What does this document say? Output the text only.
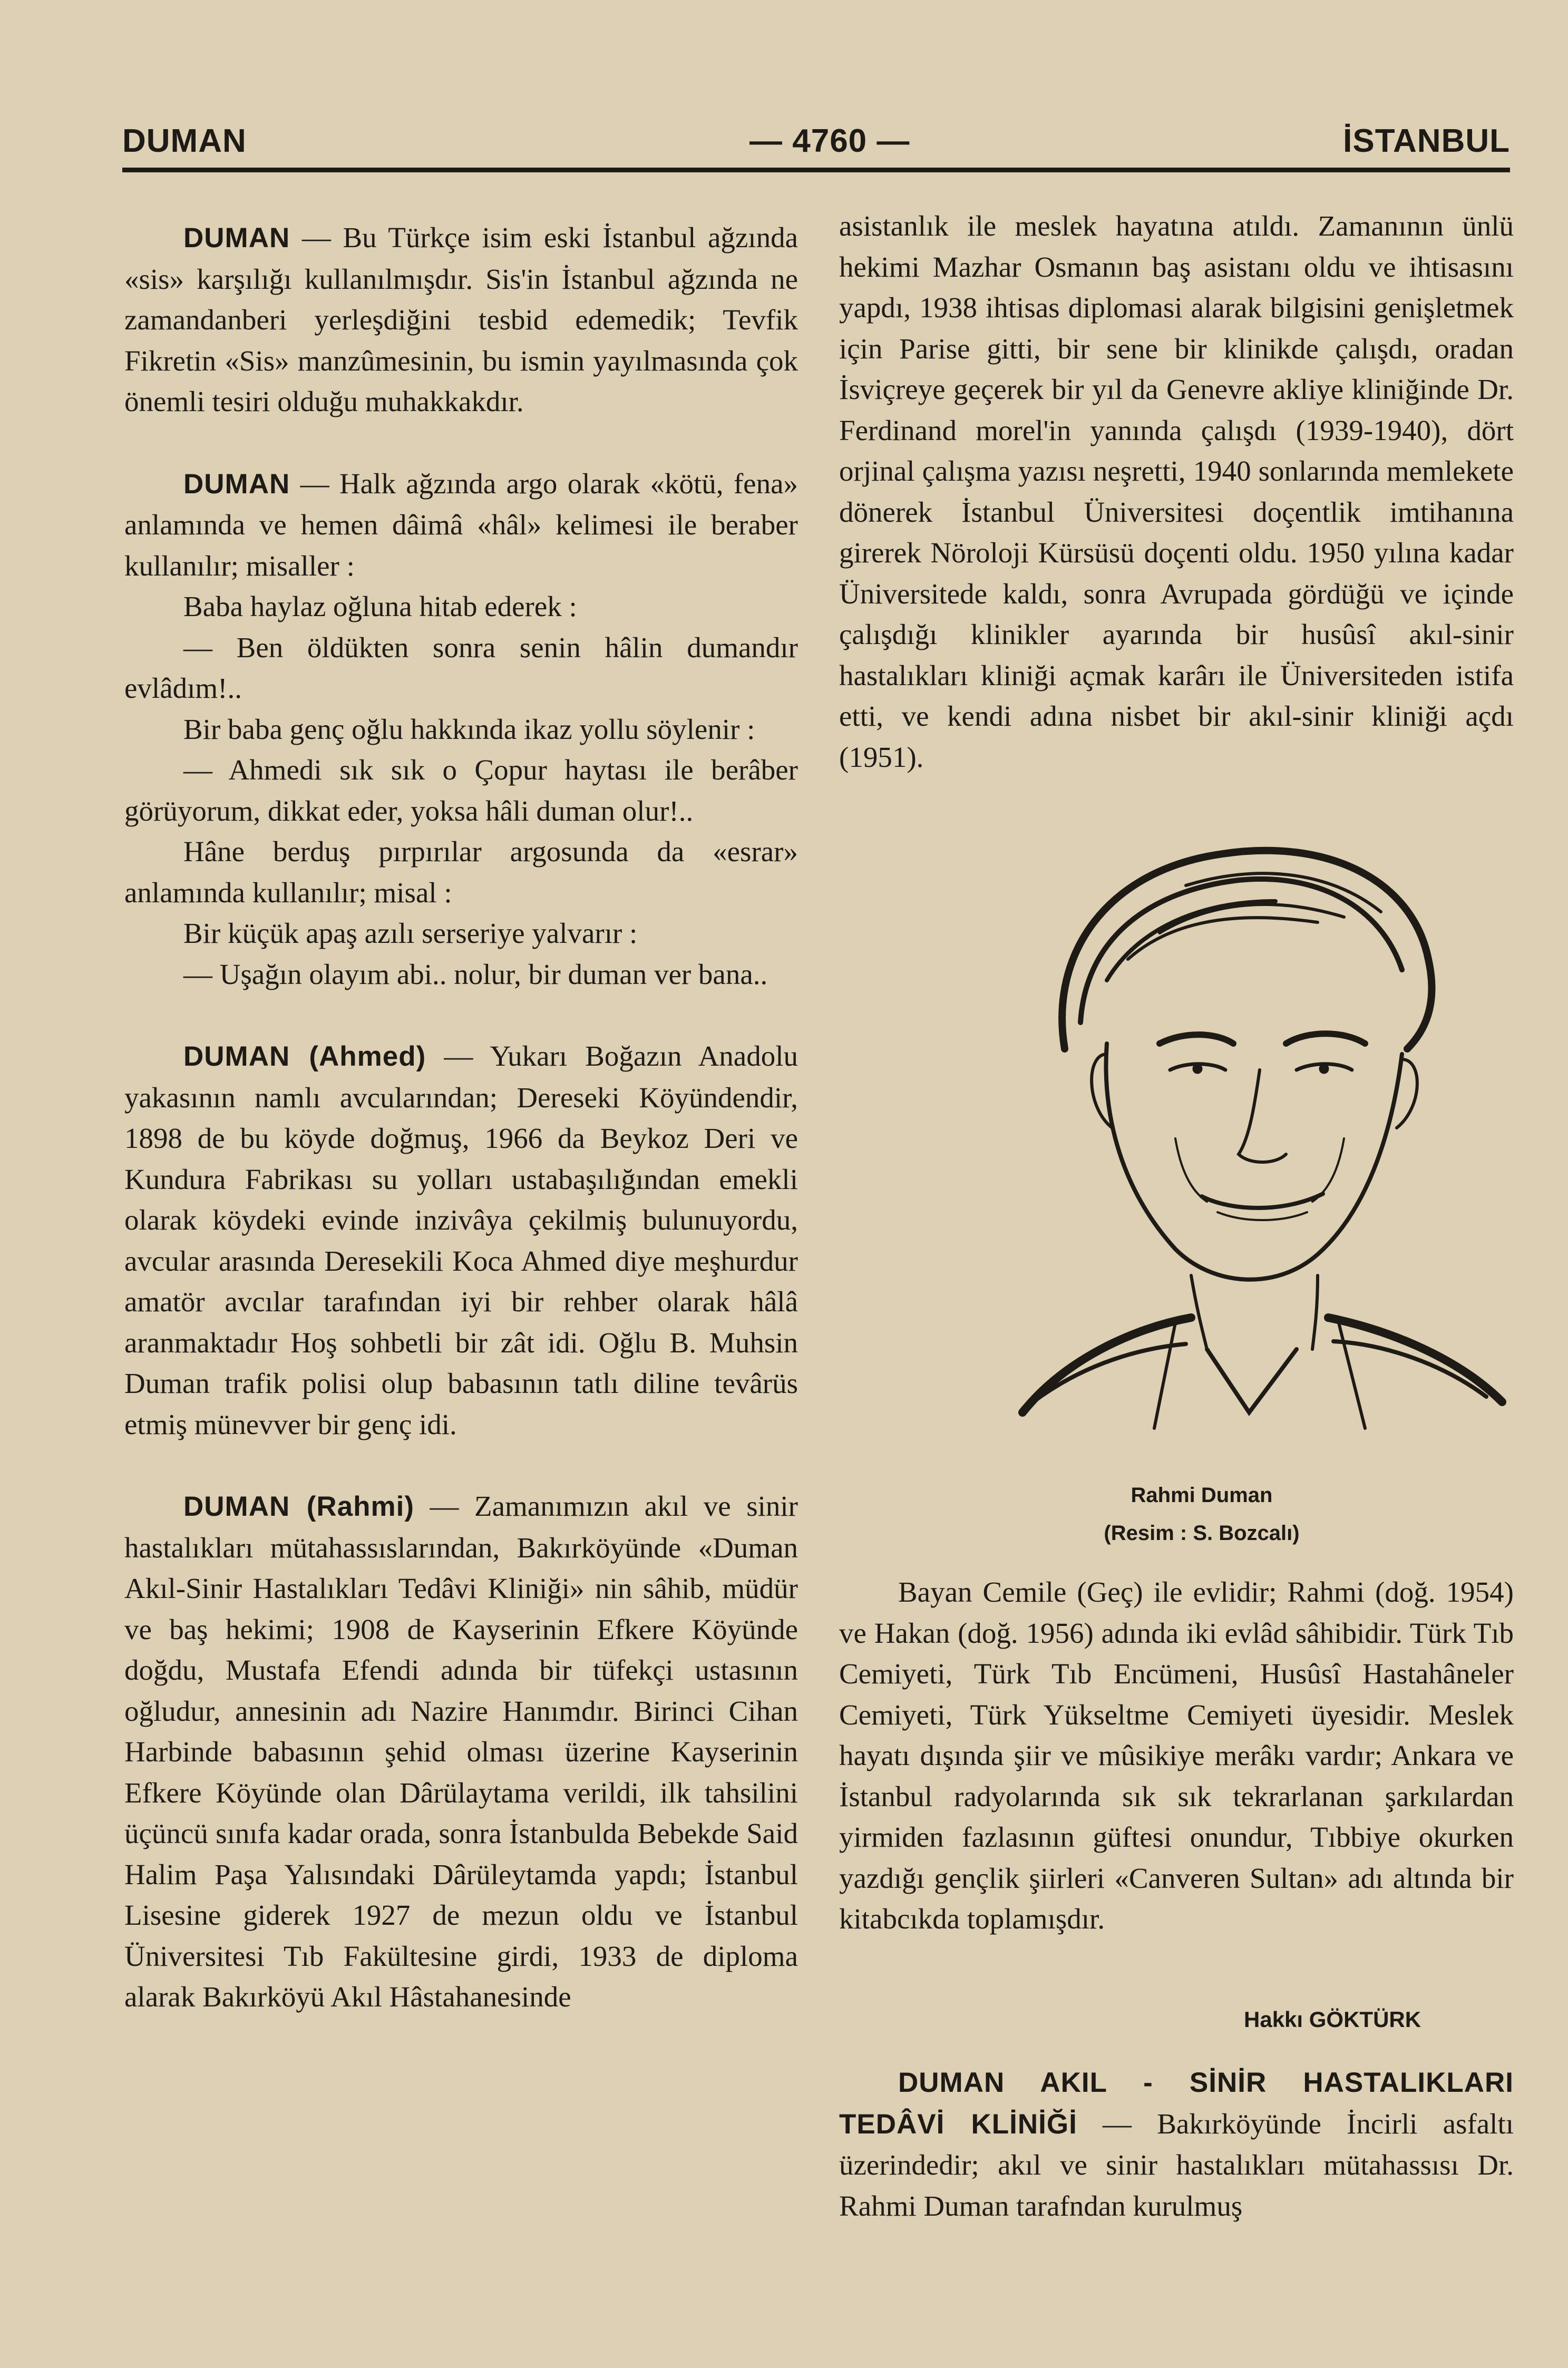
DUMAN	— 4760 —	İSTANBUL

DUMAN — Bu Türkçe isim eski İstanbul ağzında «sis» karşılığı kullanılmışdır. Sis'in İstanbul ağzında ne zamandanberi yerleşdiğini tesbid edemedik; Tevfik Fikretin «Sis» manzûmesinin, bu ismin yayılmasında çok önemli tesiri olduğu muhakkakdır.

DUMAN — Halk ağzında argo olarak «kötü, fena» anlamında ve hemen dâimâ «hâl» kelimesi ile beraber kullanılır; misaller :

Baba haylaz oğluna hitab ederek :

— Ben öldükten sonra senin hâlin dumandır evlâdım!..

Bir baba genç oğlu hakkında ikaz yollu söylenir :

— Ahmedi sık sık o Çopur haytası ile berâber görüyorum, dikkat eder, yoksa hâli duman olur!..

Hâne berduş pırpırılar argosunda da «esrar» anlamında kullanılır; misal :

Bir küçük apaş azılı serseriye yalvarır :

— Uşağın olayım abi.. nolur, bir duman ver bana..

DUMAN (Ahmed) — Yukarı Boğazın Anadolu yakasının namlı avcularından; Dereseki Köyündendir, 1898 de bu köyde doğmuş, 1966 da Beykoz Deri ve Kundura Fabrikası su yolları ustabaşılığından emekli olarak köydeki evinde inzivâya çekilmiş bulunuyordu, avcular arasında Deresekili Koca Ahmed diye meşhurdur amatör avcılar tarafından iyi bir rehber olarak hâlâ aranmaktadır Hoş sohbetli bir zât idi. Oğlu B. Muhsin Duman trafik polisi olup babasının tatlı diline tevârüs etmiş münevver bir genç idi.

DUMAN (Rahmi) — Zamanımızın akıl ve sinir hastalıkları mütahassıslarından, Bakırköyünde «Duman Akıl-Sinir Hastalıkları Tedâvi Kliniği» nin sâhib, müdür ve baş hekimi; 1908 de Kayserinin Efkere Köyünde doğdu, Mustafa Efendi adında bir tüfekçi ustasının oğludur, annesinin adı Nazire Hanımdır. Birinci Cihan Harbinde babasının şehid olması üzerine Kayserinin Efkere Köyünde olan Dârülaytama verildi, ilk tahsilini üçüncü sınıfa kadar orada, sonra İstanbulda Bebekde Said Halim Paşa Yalısındaki Dârüleytamda yapdı; İstanbul Lisesine giderek 1927 de mezun oldu ve İstanbul Üniversitesi Tıb Fakültesine girdi, 1933 de diploma alarak Bakırköyü Akıl Hâstahanesinde

asistanlık ile meslek hayatına atıldı. Zamanının ünlü hekimi Mazhar Osmanın baş asistanı oldu ve ihtisasını yapdı, 1938 ihtisas diplomasi alarak bilgisini genişletmek için Parise gitti, bir sene bir klinikde çalışdı, oradan İsviçreye geçerek bir yıl da Genevre akliye kliniğinde Dr. Ferdinand morel'in yanında çalışdı (1939-1940), dört orjinal çalışma yazısı neşretti, 1940 sonlarında memlekete dönerek İstanbul Üniversitesi doçentlik imtihanına girerek Nöroloji Kürsüsü doçenti oldu. 1950 yılına kadar Üniversitede kaldı, sonra Avrupada gördüğü ve içinde çalışdığı klinikler ayarında bir husûsî akıl-sinir hastalıkları kliniği açmak karârı ile Üniversiteden istifa etti, ve kendi adına nisbet bir akıl-sinir kliniği açdı (1951).

Rahmi Duman
(Resim : S. Bozcalı)

Bayan Cemile (Geç) ile evlidir; Rahmi (doğ. 1954) ve Hakan (doğ. 1956) adında iki evlâd sâhibidir. Türk Tıb Cemiyeti, Türk Tıb Encümeni, Husûsî Hastahâneler Cemiyeti, Türk Yükseltme Cemiyeti üyesidir. Meslek hayatı dışında şiir ve mûsikiye merâkı vardır; Ankara ve İstanbul radyolarında sık sık tekrarlanan şarkılardan yirmiden fazlasının güftesi onundur, Tıbbiye okurken yazdığı gençlik şiirleri «Canveren Sultan» adı altında bir kitabcıkda toplamışdır.

Hakkı GÖKTÜRK

DUMAN AKIL - SİNİR HASTALIKLARI TEDÂVİ KLİNİĞİ — Bakırköyünde İncirli asfaltı üzerindedir; akıl ve sinir hastalıkları mütahassısı Dr. Rahmi Duman tarafndan kurulmuş
